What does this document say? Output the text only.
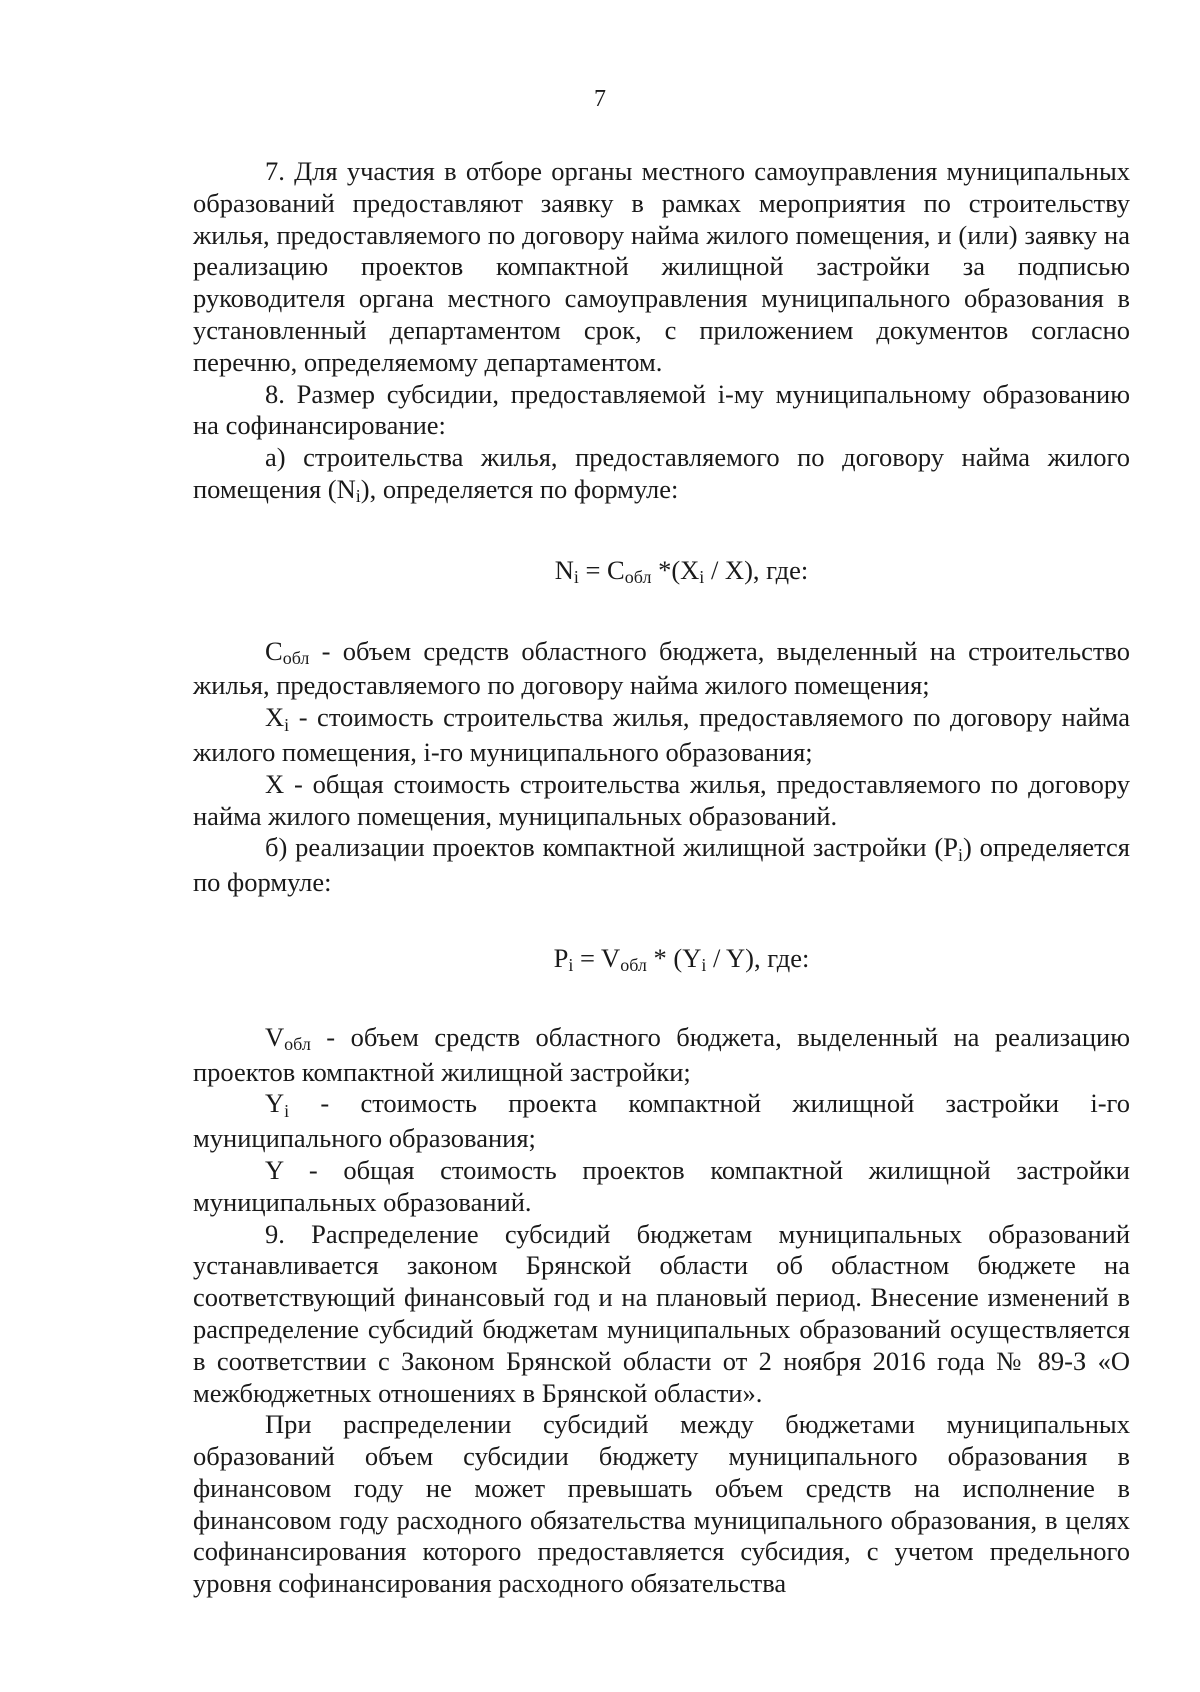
7

7. Для участия в отборе органы местного самоуправления муниципальных образований предоставляют заявку в рамках мероприятия по строительству жилья, предоставляемого по договору найма жилого помещения, и (или) заявку на реализацию проектов компактной жилищной застройки за подписью руководителя органа местного самоуправления муниципального образования в установленный департаментом срок, с приложением документов согласно перечню, определяемому департаментом.

8. Размер субсидии, предоставляемой i-му муниципальному образованию на софинансирование:

а) строительства жилья, предоставляемого по договору найма жилого помещения (Ni), определяется по формуле:

Ni = Cобл *(Xi / X), где:

Cобл - объем средств областного бюджета, выделенный на строительство жилья, предоставляемого по договору найма жилого помещения;

Xi - стоимость строительства жилья, предоставляемого по договору найма жилого помещения, i-го муниципального образования;

X - общая стоимость строительства жилья, предоставляемого по договору найма жилого помещения, муниципальных образований.

б) реализации проектов компактной жилищной застройки (Pi) определяется по формуле:

Pi = Vобл * (Yi / Y), где:

Vобл - объем средств областного бюджета, выделенный на реализацию проектов компактной жилищной застройки;

Yi - стоимость проекта компактной жилищной застройки i-го муниципального образования;

Y - общая стоимость проектов компактной жилищной застройки муниципальных образований.

9. Распределение субсидий бюджетам муниципальных образований устанавливается законом Брянской области об областном бюджете на соответствующий финансовый год и на плановый период. Внесение изменений в распределение субсидий бюджетам муниципальных образований осуществляется в соответствии с Законом Брянской области от 2 ноября 2016 года № 89-З «О межбюджетных отношениях в Брянской области».

При распределении субсидий между бюджетами муниципальных образований объем субсидии бюджету муниципального образования в финансовом году не может превышать объем средств на исполнение в финансовом году расходного обязательства муниципального образования, в целях софинансирования которого предоставляется субсидия, с учетом предельного уровня софинансирования расходного обязательства
